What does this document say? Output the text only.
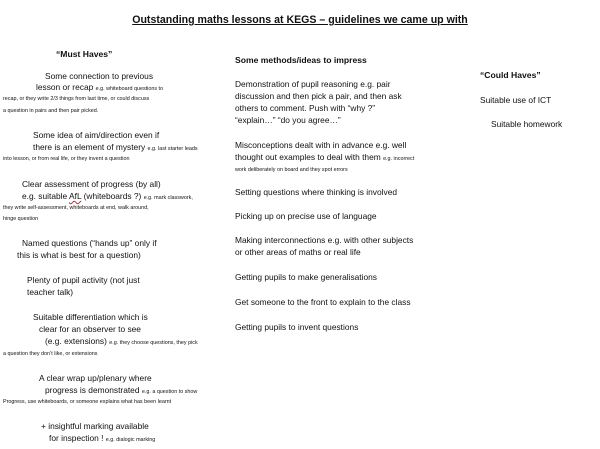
Outstanding maths lessons at KEGS – guidelines we came up with
“Must Haves”
Some connection to previous
lesson or recap e.g. whiteboard questions to
recap, or they write 2/3 things from last time, or could discuss
a question in pairs and then pair picked.
Some idea of aim/direction even if
there is an element of mystery e.g. last starter leads
into lesson, or from real life, or they invent a question
Clear assessment of progress (by all)
e.g. suitable AfL (whiteboards ?) e.g. mark classwork,
they write self-assessment, whiteboards at end, walk around,
hinge question
Named questions (“hands up” only if
this is what is best for a question)
Plenty of pupil activity (not just
teacher talk)
Suitable differentiation which is
clear for an observer to see
(e.g. extensions) e.g. they choose questions, they pick
a question they don’t like, or extensions
A clear wrap up/plenary where
progress is demonstrated e.g. a question to show
Progress, use whiteboards, or someone explains what has been learnt
+ insightful marking available
for inspection ! e.g. dialogic marking
Some methods/ideas to impress
Demonstration of pupil reasoning e.g. pair
discussion and then pick a pair, and then ask
others to comment. Push with “why ?”
“explain…” “do you agree…”
Misconceptions dealt with in advance e.g. well
thought out examples to deal with them e.g. incorrect
work deliberately on board and they spot errors
Setting questions where thinking is involved
Picking up on precise use of language
Making interconnections e.g. with other subjects
or other areas of maths or real life
Getting pupils to make generalisations
Get someone to the front to explain to the class
Getting pupils to invent questions
“Could Haves”
Suitable use of ICT
Suitable homework
